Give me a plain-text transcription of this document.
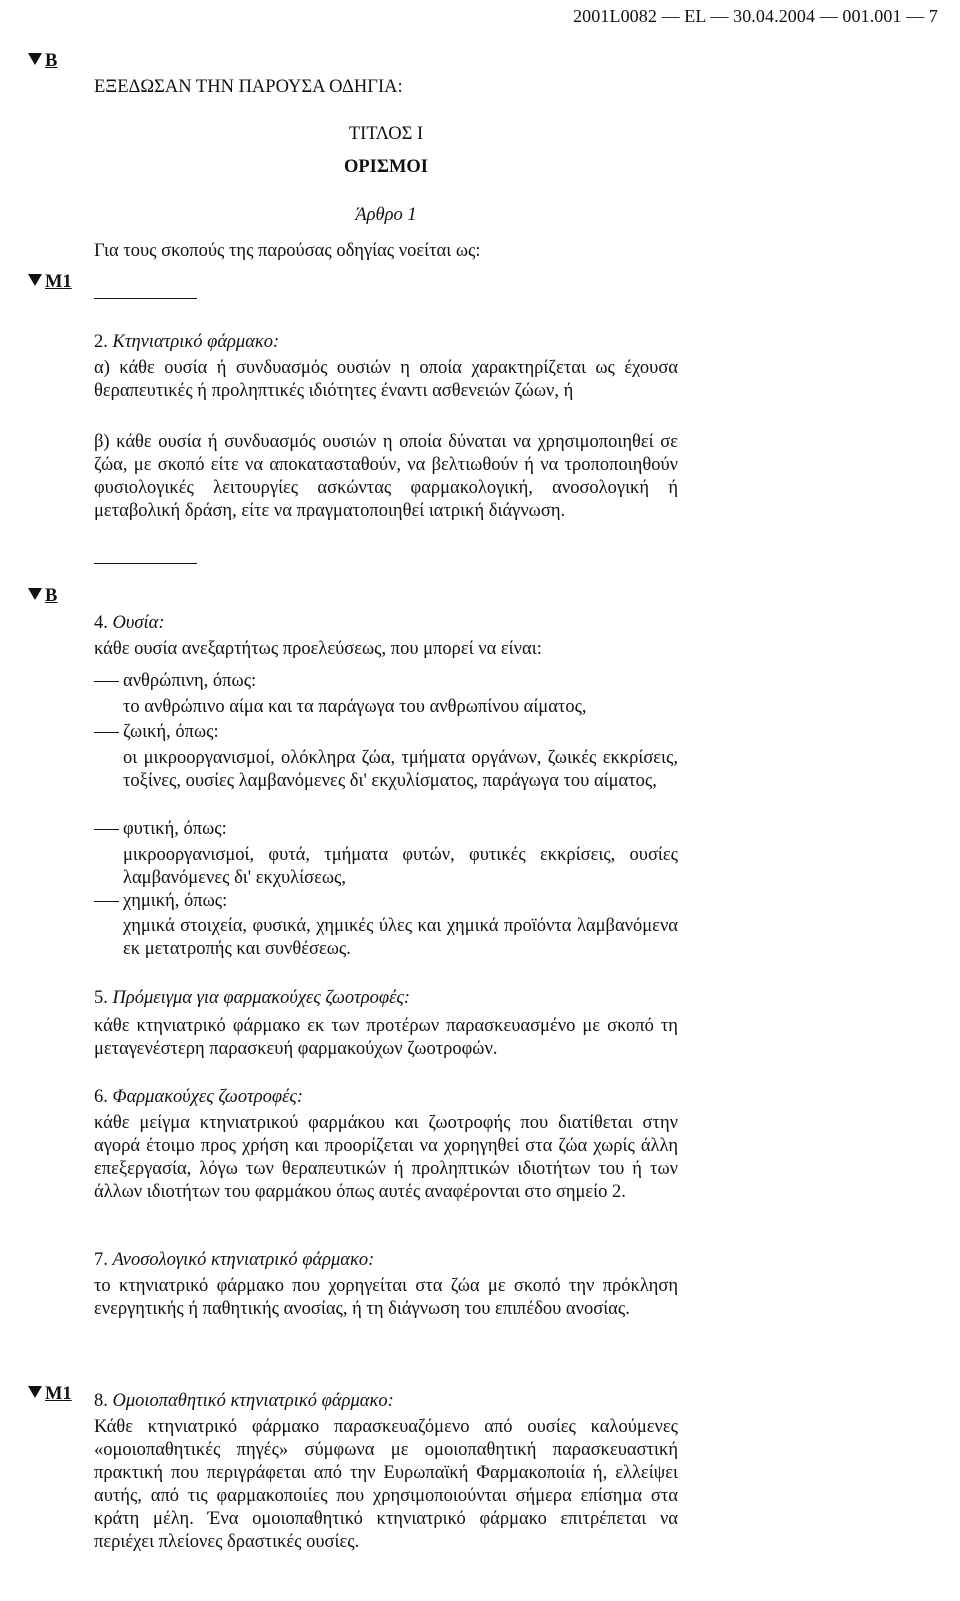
2001L0082 — EL — 30.04.2004 — 001.001 — 7
B
M1
B
M1
ΕΞΕΔΩΣΑΝ ΤΗΝ ΠΑΡΟΥΣΑ ΟΔΗΓΙΑ:
ΤΙΤΛΟΣ I
ΟΡΙΣΜΟΙ
Άρθρο 1
Για τους σκοπούς της παρούσας οδηγίας νοείται ως:
2. Κτηνιατρικό φάρμακο:
α) κάθε ουσία ή συνδυασμός ουσιών η οποία χαρακτηρίζεται ως έχουσα θεραπευτικές ή προληπτικές ιδιότητες έναντι ασθενειών ζώων, ή
β) κάθε ουσία ή συνδυασμός ουσιών η οποία δύναται να χρησιμοποιηθεί σε ζώα, με σκοπό είτε να αποκατασταθούν, να βελτιωθούν ή να τροποποιηθούν φυσιολογικές λειτουργίες ασκώντας φαρμακολογική, ανοσολογική ή μεταβολική δράση, είτε να πραγματοποιηθεί ιατρική διάγνωση.
4. Ουσία:
κάθε ουσία ανεξαρτήτως προελεύσεως, που μπορεί να είναι:
ανθρώπινη, όπως:
το ανθρώπινο αίμα και τα παράγωγα του ανθρωπίνου αίματος,
ζωική, όπως:
οι μικροοργανισμοί, ολόκληρα ζώα, τμήματα οργάνων, ζωικές εκκρίσεις, τοξίνες, ουσίες λαμβανόμενες δι' εκχυλίσματος, παράγωγα του αίματος,
φυτική, όπως:
μικροοργανισμοί, φυτά, τμήματα φυτών, φυτικές εκκρίσεις, ουσίες λαμβανόμενες δι' εκχυλίσεως,
χημική, όπως:
χημικά στοιχεία, φυσικά, χημικές ύλες και χημικά προϊόντα λαμβανόμενα εκ μετατροπής και συνθέσεως.
5. Πρόμειγμα για φαρμακούχες ζωοτροφές:
κάθε κτηνιατρικό φάρμακο εκ των προτέρων παρασκευασμένο με σκοπό τη μεταγενέστερη παρασκευή φαρμακούχων ζωοτροφών.
6. Φαρμακούχες ζωοτροφές:
κάθε μείγμα κτηνιατρικού φαρμάκου και ζωοτροφής που διατίθεται στην αγορά έτοιμο προς χρήση και προορίζεται να χορηγηθεί στα ζώα χωρίς άλλη επεξεργασία, λόγω των θεραπευτικών ή προληπτικών ιδιοτήτων του ή των άλλων ιδιοτήτων του φαρμάκου όπως αυτές αναφέρονται στο σημείο 2.
7. Ανοσολογικό κτηνιατρικό φάρμακο:
το κτηνιατρικό φάρμακο που χορηγείται στα ζώα με σκοπό την πρόκληση ενεργητικής ή παθητικής ανοσίας, ή τη διάγνωση του επιπέδου ανοσίας.
8. Ομοιοπαθητικό κτηνιατρικό φάρμακο:
Κάθε κτηνιατρικό φάρμακο παρασκευαζόμενο από ουσίες καλούμενες «ομοιοπαθητικές πηγές» σύμφωνα με ομοιοπαθητική παρασκευαστική πρακτική που περιγράφεται από την Ευρωπαϊκή Φαρμακοποιία ή, ελλείψει αυτής, από τις φαρμακοποιίες που χρησιμοποιούνται σήμερα επίσημα στα κράτη μέλη. Ένα ομοιοπαθητικό κτηνιατρικό φάρμακο επιτρέπεται να περιέχει πλείονες δραστικές ουσίες.
